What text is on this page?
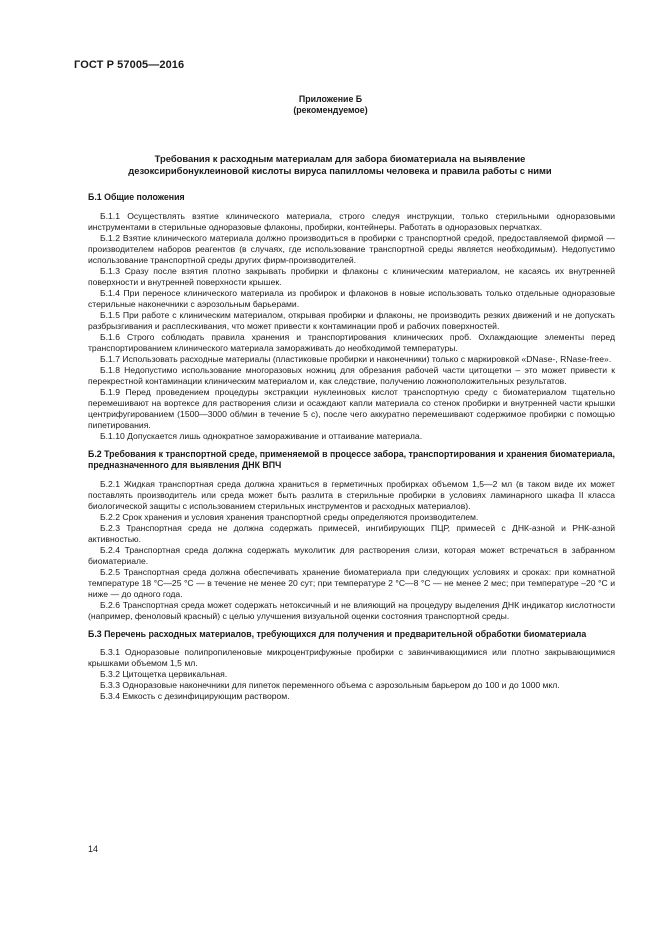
ГОСТ Р 57005—2016
Приложение Б
(рекомендуемое)
Требования к расходным материалам для забора биоматериала на выявление дезоксирибонуклеиновой кислоты вируса папилломы человека и правила работы с ними
Б.1 Общие положения

Б.1.1 Осуществлять взятие клинического материала, строго следуя инструкции, только стерильными одноразовыми инструментами в стерильные одноразовые флаконы, пробирки, контейнеры. Работать в одноразовых перчатках.

Б.1.2 Взятие клинического материала должно производиться в пробирки с транспортной средой, предоставляемой фирмой — производителем наборов реагентов (в случаях, где использование транспортной среды является необходимым). Недопустимо использование транспортной среды других фирм-производителей.

Б.1.3 Сразу после взятия плотно закрывать пробирки и флаконы с клиническим материалом, не касаясь их внутренней поверхности и внутренней поверхности крышек.

Б.1.4 При переносе клинического материала из пробирок и флаконов в новые использовать только отдельные одноразовые стерильные наконечники с аэрозольным барьерами.

Б.1.5 При работе с клиническим материалом, открывая пробирки и флаконы, не производить резких движений и не допускать разбрызгивания и расплескивания, что может привести к контаминации проб и рабочих поверхностей.

Б.1.6 Строго соблюдать правила хранения и транспортирования клинических проб. Охлаждающие элементы перед транспортированием клинического материала замораживать до необходимой температуры.

Б.1.7 Использовать расходные материалы (пластиковые пробирки и наконечники) только с маркировкой «DNase-, RNase-free».

Б.1.8 Недопустимо использование многоразовых ножниц для обрезания рабочей части цитощетки – это может привести к перекрестной контаминации клиническим материалом и, как следствие, получению ложноположительных результатов.

Б.1.9 Перед проведением процедуры экстракции нуклеиновых кислот транспортную среду с биоматериалом тщательно перемешивают на вортексе для растворения слизи и осаждают капли материала со стенок пробирки и внутренней части крышки центрифугированием (1500—3000 об/мин в течение 5 с), после чего аккуратно перемешивают содержимое пробирки с помощью пипетирования.

Б.1.10 Допускается лишь однократное замораживание и оттаивание материала.

Б.2 Требования к транспортной среде, применяемой в процессе забора, транспортирования и хранения биоматериала, предназначенного для выявления ДНК ВПЧ

Б.2.1 Жидкая транспортная среда должна храниться в герметичных пробирках объемом 1,5—2 мл (в таком виде их может поставлять производитель или среда может быть разлита в стерильные пробирки в условиях ламинарного шкафа II класса биологической защиты с использованием стерильных инструментов и расходных материалов).

Б.2.2 Срок хранения и условия хранения транспортной среды определяются производителем.

Б.2.3 Транспортная среда не должна содержать примесей, ингибирующих ПЦР, примесей с ДНК-азной и РНК-азной активностью.

Б.2.4 Транспортная среда должна содержать муколитик для растворения слизи, которая может встречаться в забранном биоматериале.

Б.2.5 Транспортная среда должна обеспечивать хранение биоматериала при следующих условиях и сроках: при комнатной температуре 18 °С—25 °С — в течение не менее 20 сут; при температуре 2 °С—8 °С — не менее 2 мес; при температуре –20 °С и ниже — до одного года.

Б.2.6 Транспортная среда может содержать нетоксичный и не влияющий на процедуру выделения ДНК индикатор кислотности (например, феноловый красный) с целью улучшения визуальной оценки состояния транспортной среды.

Б.3 Перечень расходных материалов, требующихся для получения и предварительной обработки биоматериала

Б.3.1 Одноразовые полипропиленовые микроцентрифужные пробирки с завинчивающимися или плотно закрывающимися крышками объемом 1,5 мл.

Б.3.2 Цитощетка цервикальная.

Б.3.3 Одноразовые наконечники для пипеток переменного объема с аэрозольным барьером до 100 и до 1000 мкл.

Б.3.4 Емкость с дезинфицирующим раствором.

14
